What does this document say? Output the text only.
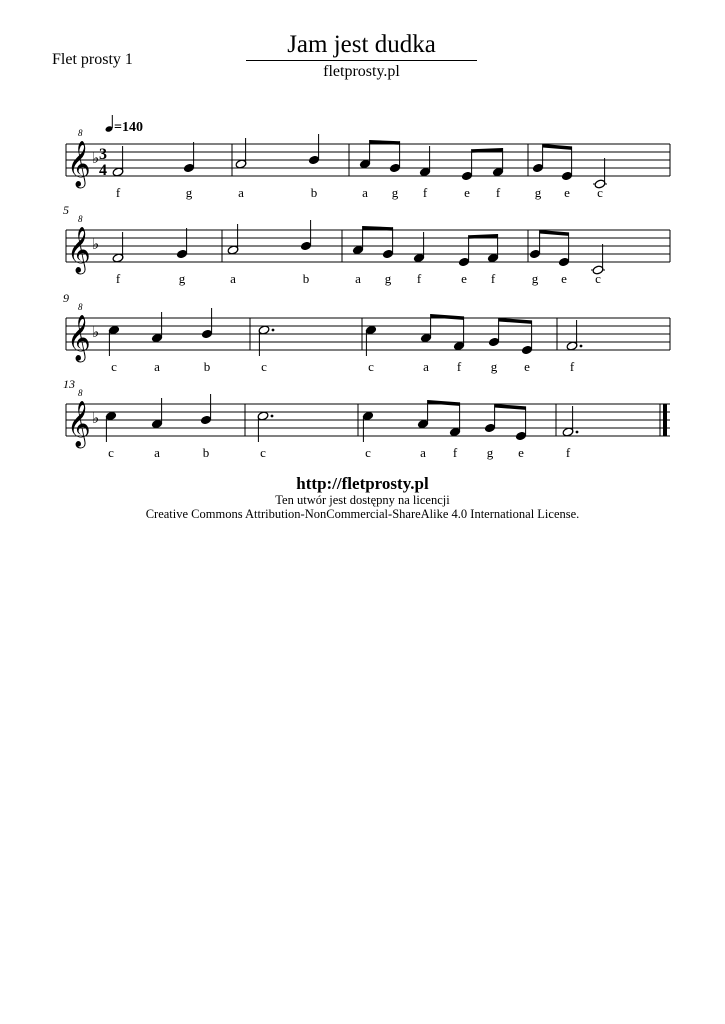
Jam jest dudka
fletprosty.pl
Flet prosty 1
=140
𝄞
8
♭ 3
4
f	g	a	b	a g f	e f	g e c
𝄞
8
♭
5
f	g	a	b	a g f	e f	g e c
𝄞
8
♭
9
c	a	b	c	c	a f g e	f
𝄞
8
♭
13
c	a	b	c	c	a f g e	f
http://fletprosty.pl
Ten utwór jest dostępny na licencji
Creative Commons Attribution-NonCommercial-ShareAlike 4.0 International License.
